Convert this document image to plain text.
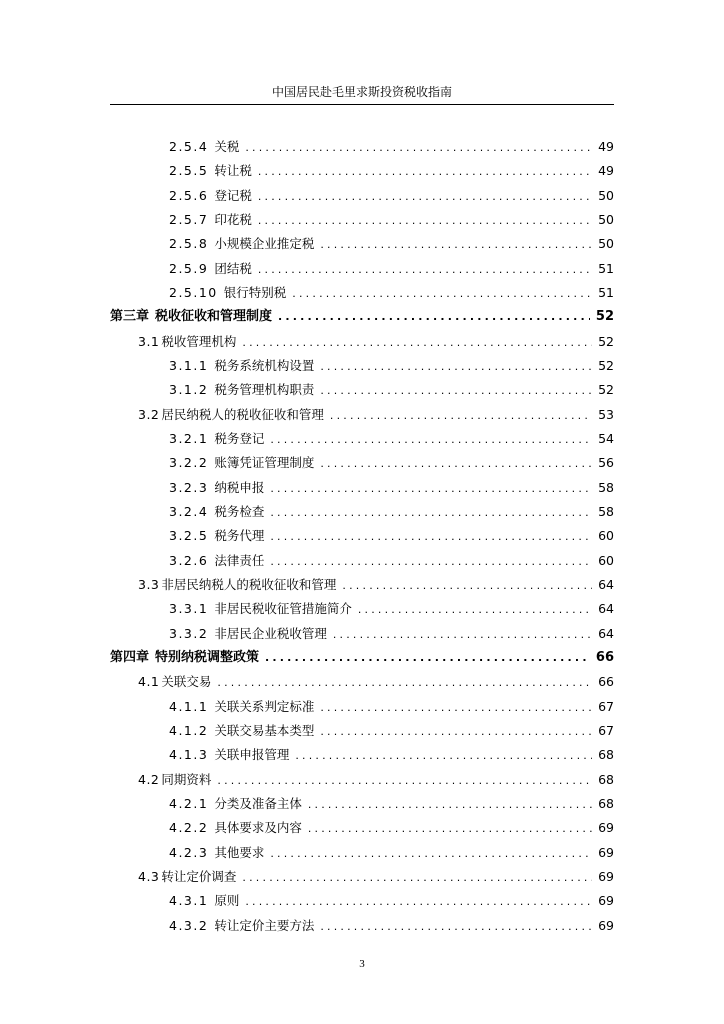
中国居民赴毛里求斯投资税收指南
2.5.4 关税 .....	49
2.5.5 转让税 .....	49
2.5.6 登记税 .....	50
2.5.7 印花税 .....	50
2.5.8 小规模企业推定税 .....	50
2.5.9 团结税 .....	51
2.5.10 银行特别税 .....	51
第三章 税收征收和管理制度 .....	52
3.1 税收管理机构 .....	52
3.1.1 税务系统机构设置 .....	52
3.1.2 税务管理机构职责 .....	52
3.2 居民纳税人的税收征收和管理 .....	53
3.2.1 税务登记 .....	54
3.2.2 账簿凭证管理制度 .....	56
3.2.3 纳税申报 .....	58
3.2.4 税务检查 .....	58
3.2.5 税务代理 .....	60
3.2.6 法律责任 .....	60
3.3 非居民纳税人的税收征收和管理 .....	64
3.3.1 非居民税收征管措施简介 .....	64
3.3.2 非居民企业税收管理 .....	64
第四章 特别纳税调整政策 .....	66
4.1 关联交易 .....	66
4.1.1 关联关系判定标准 .....	67
4.1.2 关联交易基本类型 .....	67
4.1.3 关联申报管理 .....	68
4.2 同期资料 .....	68
4.2.1 分类及准备主体 .....	68
4.2.2 具体要求及内容 .....	69
4.2.3 其他要求 .....	69
4.3 转让定价调查 .....	69
4.3.1 原则 .....	69
4.3.2 转让定价主要方法 .....	69
3
